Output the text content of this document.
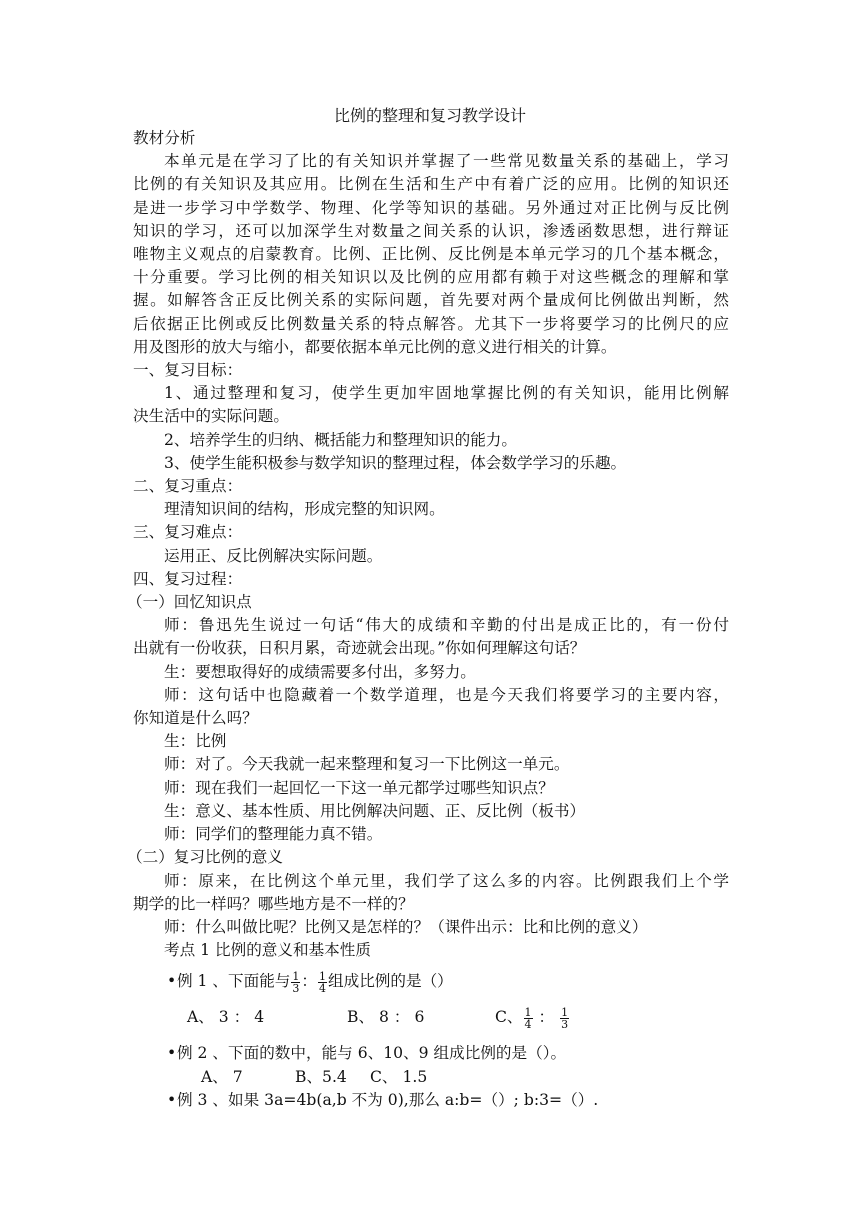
比例的整理和复习教学设计
教材分析
本单元是在学习了比的有关知识并掌握了一些常见数量关系的基础上，学习
比例的有关知识及其应用。比例在生活和生产中有着广泛的应用。比例的知识还
是进一步学习中学数学、物理、化学等知识的基础。另外通过对正比例与反比例
知识的学习，还可以加深学生对数量之间关系的认识，渗透函数思想，进行辩证
唯物主义观点的启蒙教育。比例、正比例、反比例是本单元学习的几个基本概念，
十分重要。学习比例的相关知识以及比例的应用都有赖于对这些概念的理解和掌
握。如解答含正反比例关系的实际问题，首先要对两个量成何比例做出判断，然
后依据正比例或反比例数量关系的特点解答。尤其下一步将要学习的比例尺的应
用及图形的放大与缩小，都要依据本单元比例的意义进行相关的计算。
一、复习目标：
1、通过整理和复习，使学生更加牢固地掌握比例的有关知识，能用比例解
决生活中的实际问题。
2、培养学生的归纳、概括能力和整理知识的能力。
3、使学生能积极参与数学知识的整理过程，体会数学学习的乐趣。
二、复习重点：
理清知识间的结构，形成完整的知识网。
三、复习难点：
运用正、反比例解决实际问题。
四、复习过程：
（一）回忆知识点
师：鲁迅先生说过一句话“伟大的成绩和辛勤的付出是成正比的，有一份付
出就有一份收获，日积月累，奇迹就会出现。”你如何理解这句话？
生：要想取得好的成绩需要多付出，多努力。
师：这句话中也隐藏着一个数学道理，也是今天我们将要学习的主要内容，
你知道是什么吗？
生：比例
师：对了。今天我就一起来整理和复习一下比例这一单元。
师：现在我们一起回忆一下这一单元都学过哪些知识点？
生：意义、基本性质、用比例解决问题、正、反比例（板书）
师：同学们的整理能力真不错。
（二）复习比例的意义
师：原来，在比例这个单元里，我们学了这么多的内容。比例跟我们上个学
期学的比一样吗？哪些地方是不一样的？
师：什么叫做比呢？比例又是怎样的？（课件出示：比和比例的意义）
考点 1 比例的意义和基本性质
•例 1 、下面能与 $\frac{1}{3}$ ： $\frac{1}{4}$ 组成比例的是（）
A、 3 ： 4	B、 8 ： 6	C、 $\frac{1}{4}$ ： $\frac{1}{3}$
•例 2 、下面的数中，能与 6、10、9 组成比例的是（）。
A、 7	B、5.4 C、 1.5
•例 3 、如果 3a=4b(a,b 不为 0),那么 a:b=（）; b:3=（）.
